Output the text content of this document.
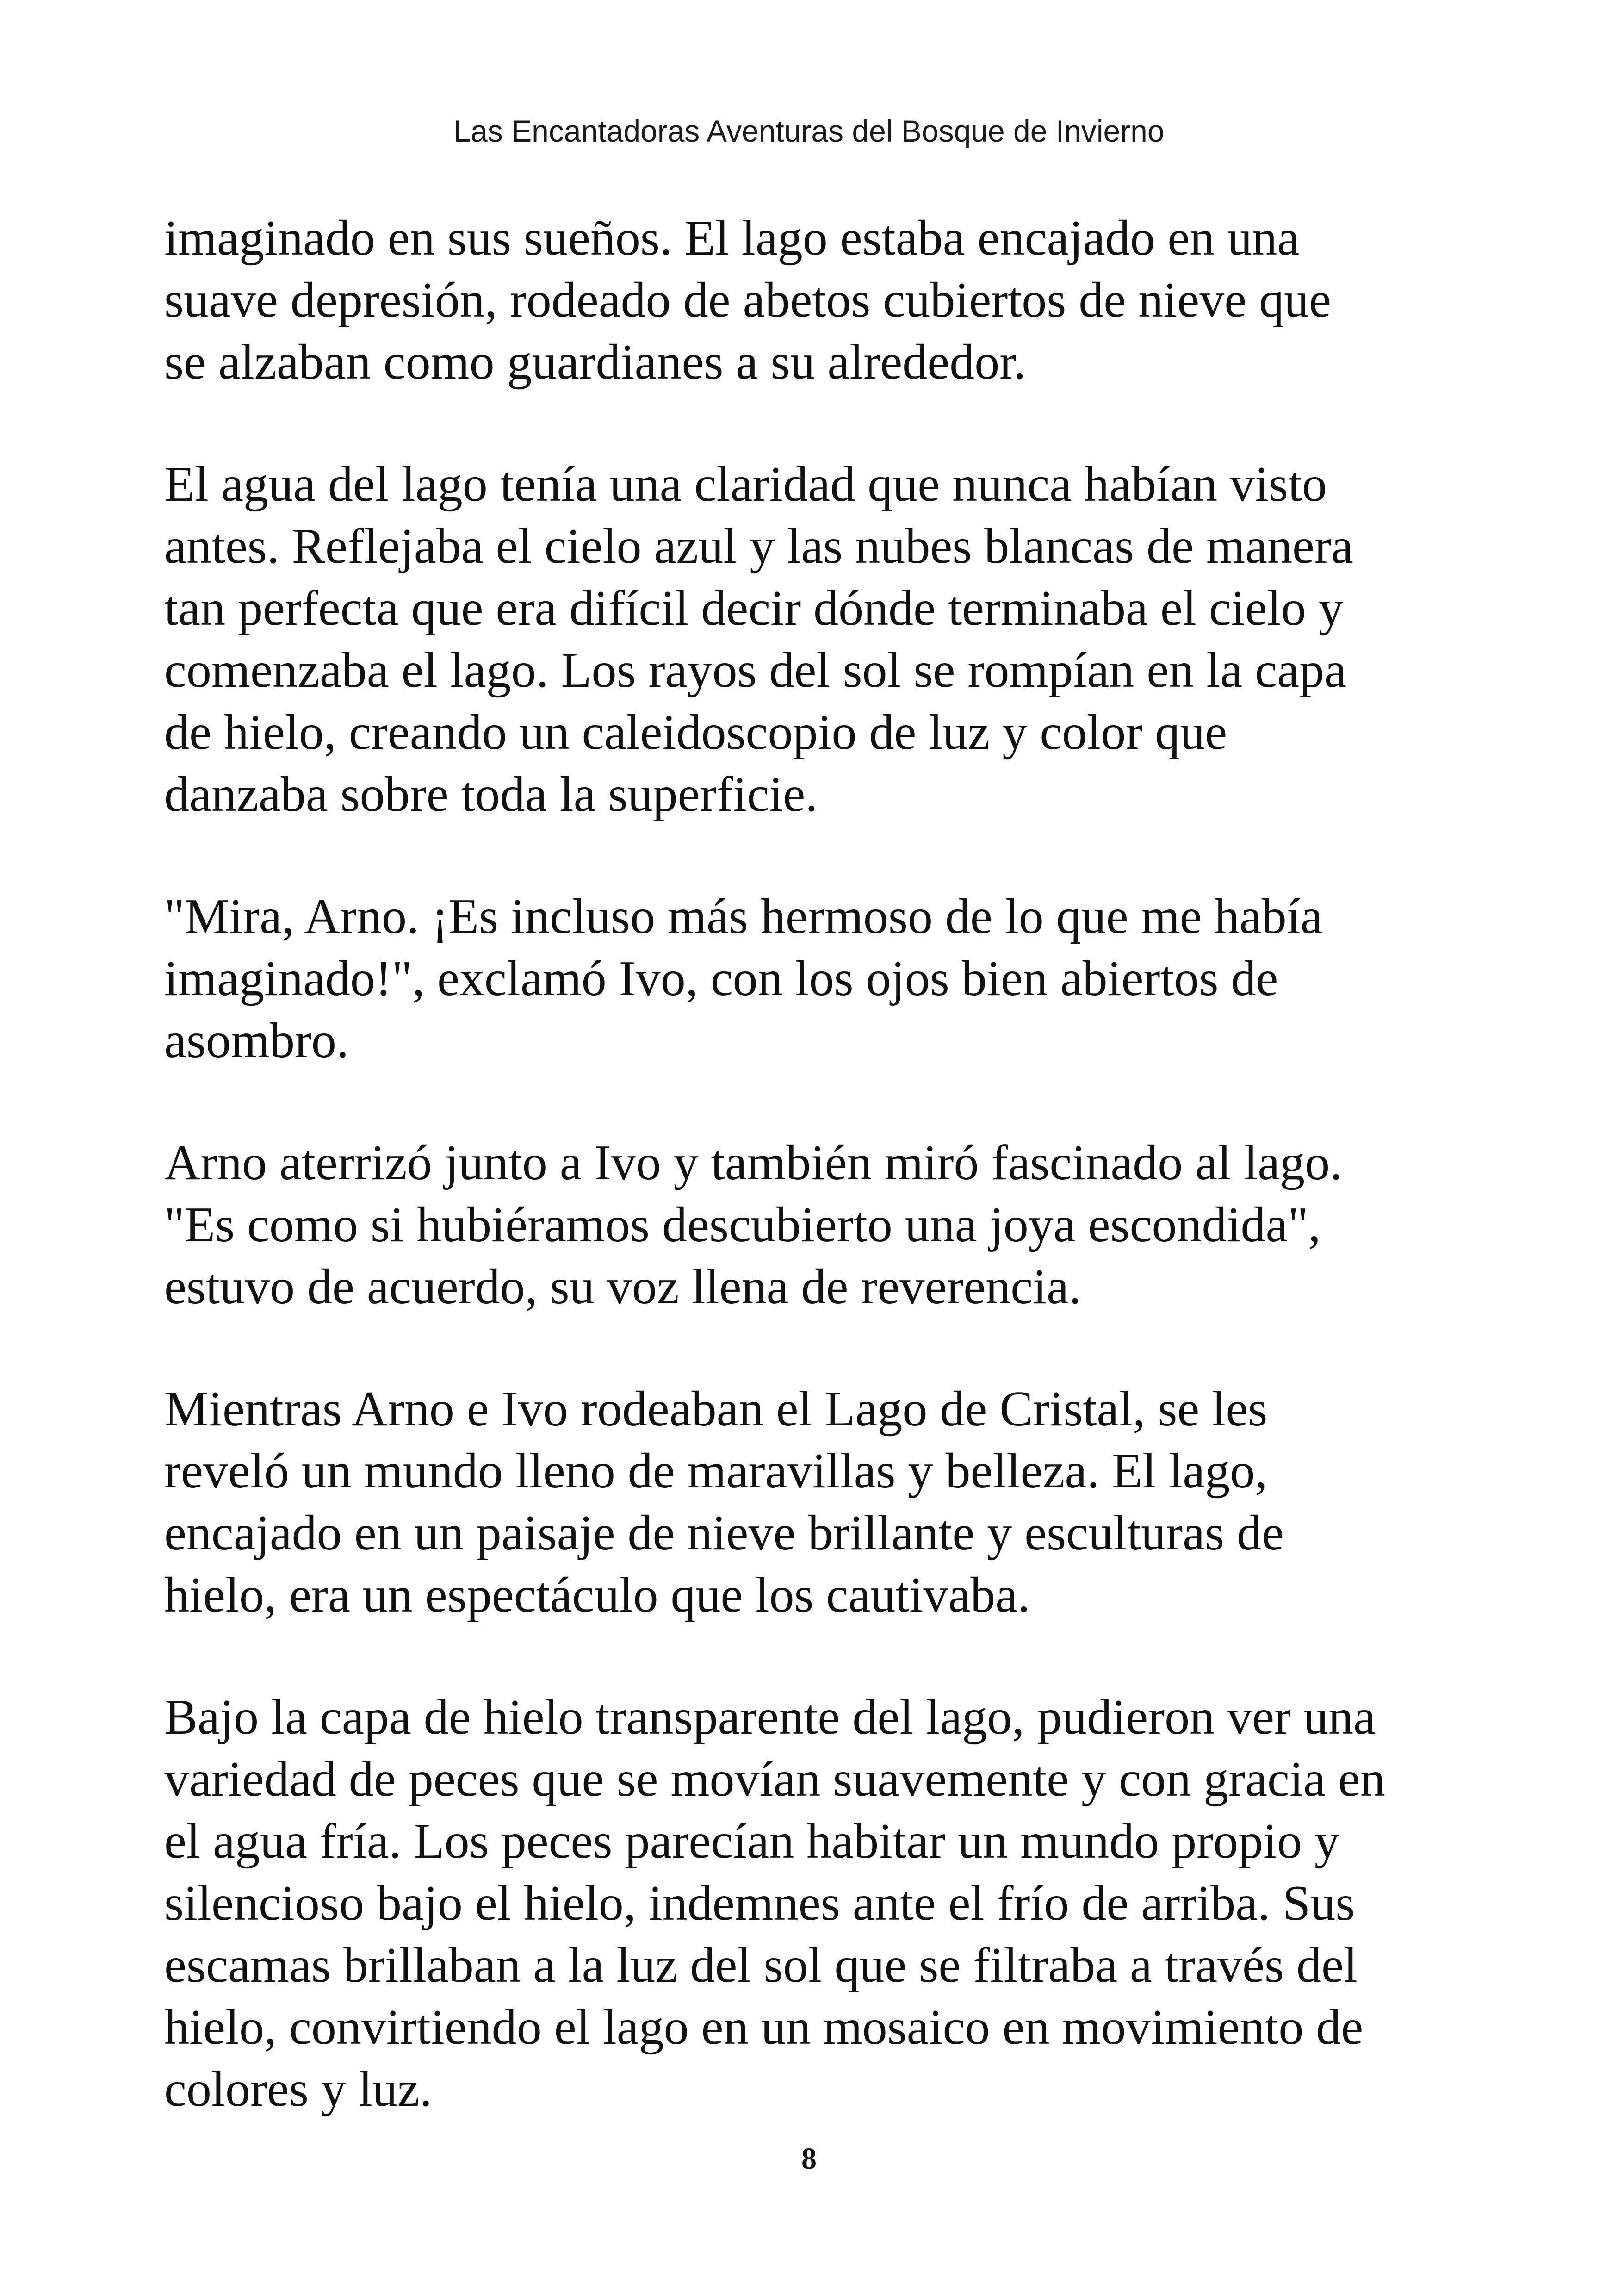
Las Encantadoras Aventuras del Bosque de Invierno

imaginado en sus sueños. El lago estaba encajado en una
suave depresión, rodeado de abetos cubiertos de nieve que
se alzaban como guardianes a su alrededor.

El agua del lago tenía una claridad que nunca habían visto
antes. Reflejaba el cielo azul y las nubes blancas de manera
tan perfecta que era difícil decir dónde terminaba el cielo y
comenzaba el lago. Los rayos del sol se rompían en la capa
de hielo, creando un caleidoscopio de luz y color que
danzaba sobre toda la superficie.

"Mira, Arno. ¡Es incluso más hermoso de lo que me había
imaginado!", exclamó Ivo, con los ojos bien abiertos de
asombro.

Arno aterrizó junto a Ivo y también miró fascinado al lago.
"Es como si hubiéramos descubierto una joya escondida",
estuvo de acuerdo, su voz llena de reverencia.

Mientras Arno e Ivo rodeaban el Lago de Cristal, se les
reveló un mundo lleno de maravillas y belleza. El lago,
encajado en un paisaje de nieve brillante y esculturas de
hielo, era un espectáculo que los cautivaba.

Bajo la capa de hielo transparente del lago, pudieron ver una
variedad de peces que se movían suavemente y con gracia en
el agua fría. Los peces parecían habitar un mundo propio y
silencioso bajo el hielo, indemnes ante el frío de arriba. Sus
escamas brillaban a la luz del sol que se filtraba a través del
hielo, convirtiendo el lago en un mosaico en movimiento de
colores y luz.

8
